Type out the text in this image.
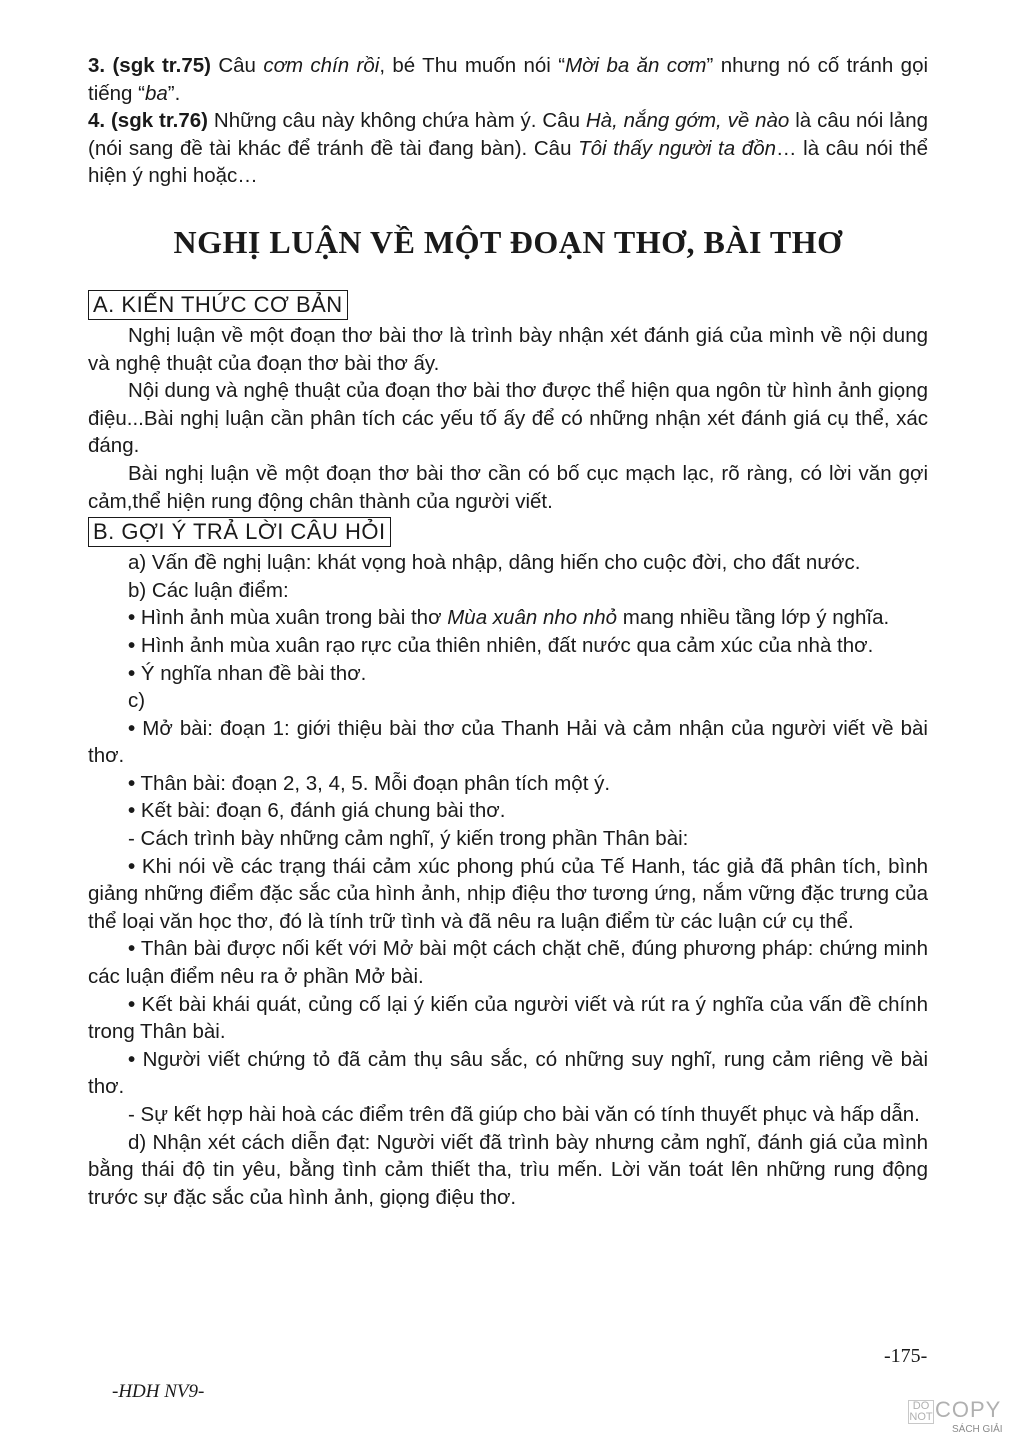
3. (sgk tr.75) Câu cơm chín rồi, bé Thu muốn nói “Mời ba ăn cơm” nhưng nó cố tránh gọi tiếng “ba”.

4. (sgk tr.76) Những câu này không chứa hàm ý. Câu Hà, nắng gớm, về nào là câu nói lảng (nói sang đề tài khác để tránh đề tài đang bàn). Câu Tôi thấy người ta đồn… là câu nói thể hiện ý nghi hoặc…

NGHỊ LUẬN VỀ MỘT ĐOẠN THƠ, BÀI THƠ
A. KIẾN THỨC CƠ BẢN

Nghị luận về một đoạn thơ bài thơ là trình bày nhận xét đánh giá của mình về nội dung và nghệ thuật của đoạn thơ bài thơ ấy.

Nội dung và nghệ thuật của đoạn thơ bài thơ được thể hiện qua ngôn từ hình ảnh giọng điệu...Bài nghị luận cần phân tích các yếu tố ấy để có những nhận xét đánh giá cụ thể, xác đáng.

Bài nghị luận về một đoạn thơ bài thơ cần có bố cục mạch lạc, rõ ràng, có lời văn gợi cảm,thể hiện rung động chân thành của người viết.

B. GỢI Ý TRẢ LỜI CÂU HỎI

a) Vấn đề nghị luận: khát vọng hoà nhập, dâng hiến cho cuộc đời, cho đất nước.

b) Các luận điểm:

• Hình ảnh mùa xuân trong bài thơ Mùa xuân nho nhỏ mang nhiều tầng lớp ý nghĩa.

• Hình ảnh mùa xuân rạo rực của thiên nhiên, đất nước qua cảm xúc của nhà thơ.

• Ý nghĩa nhan đề bài thơ.

c)

• Mở bài: đoạn 1: giới thiệu bài thơ của Thanh Hải và cảm nhận của người viết về bài thơ.

• Thân bài: đoạn 2, 3, 4, 5. Mỗi đoạn phân tích một ý.

• Kết bài: đoạn 6, đánh giá chung bài thơ.

- Cách trình bày những cảm nghĩ, ý kiến trong phần Thân bài:

• Khi nói về các trạng thái cảm xúc phong phú của Tế Hanh, tác giả đã phân tích, bình giảng những điểm đặc sắc của hình ảnh, nhịp điệu thơ tương ứng, nắm vững đặc trưng của thể loại văn học thơ, đó là tính trữ tình và đã nêu ra luận điểm từ các luận cứ cụ thể.

• Thân bài được nối kết với Mở bài một cách chặt chẽ, đúng phương pháp: chứng minh các luận điểm nêu ra ở phần Mở bài.

• Kết bài khái quát, củng cố lại ý kiến của người viết và rút ra ý nghĩa của vấn đề chính trong Thân bài.

• Người viết chứng tỏ đã cảm thụ sâu sắc, có những suy nghĩ, rung cảm riêng về bài thơ.

- Sự kết hợp hài hoà các điểm trên đã giúp cho bài văn có tính thuyết phục và hấp dẫn.

d) Nhận xét cách diễn đạt: Người viết đã trình bày nhưng cảm nghĩ, đánh giá của mình bằng thái độ tin yêu, bằng tình cảm thiết tha, trìu mến. Lời văn toát lên những rung động trước sự đặc sắc của hình ảnh, giọng điệu thơ.

-HDH NV9-
-175-
DO NOT COPY
SÁCH GIẢI
